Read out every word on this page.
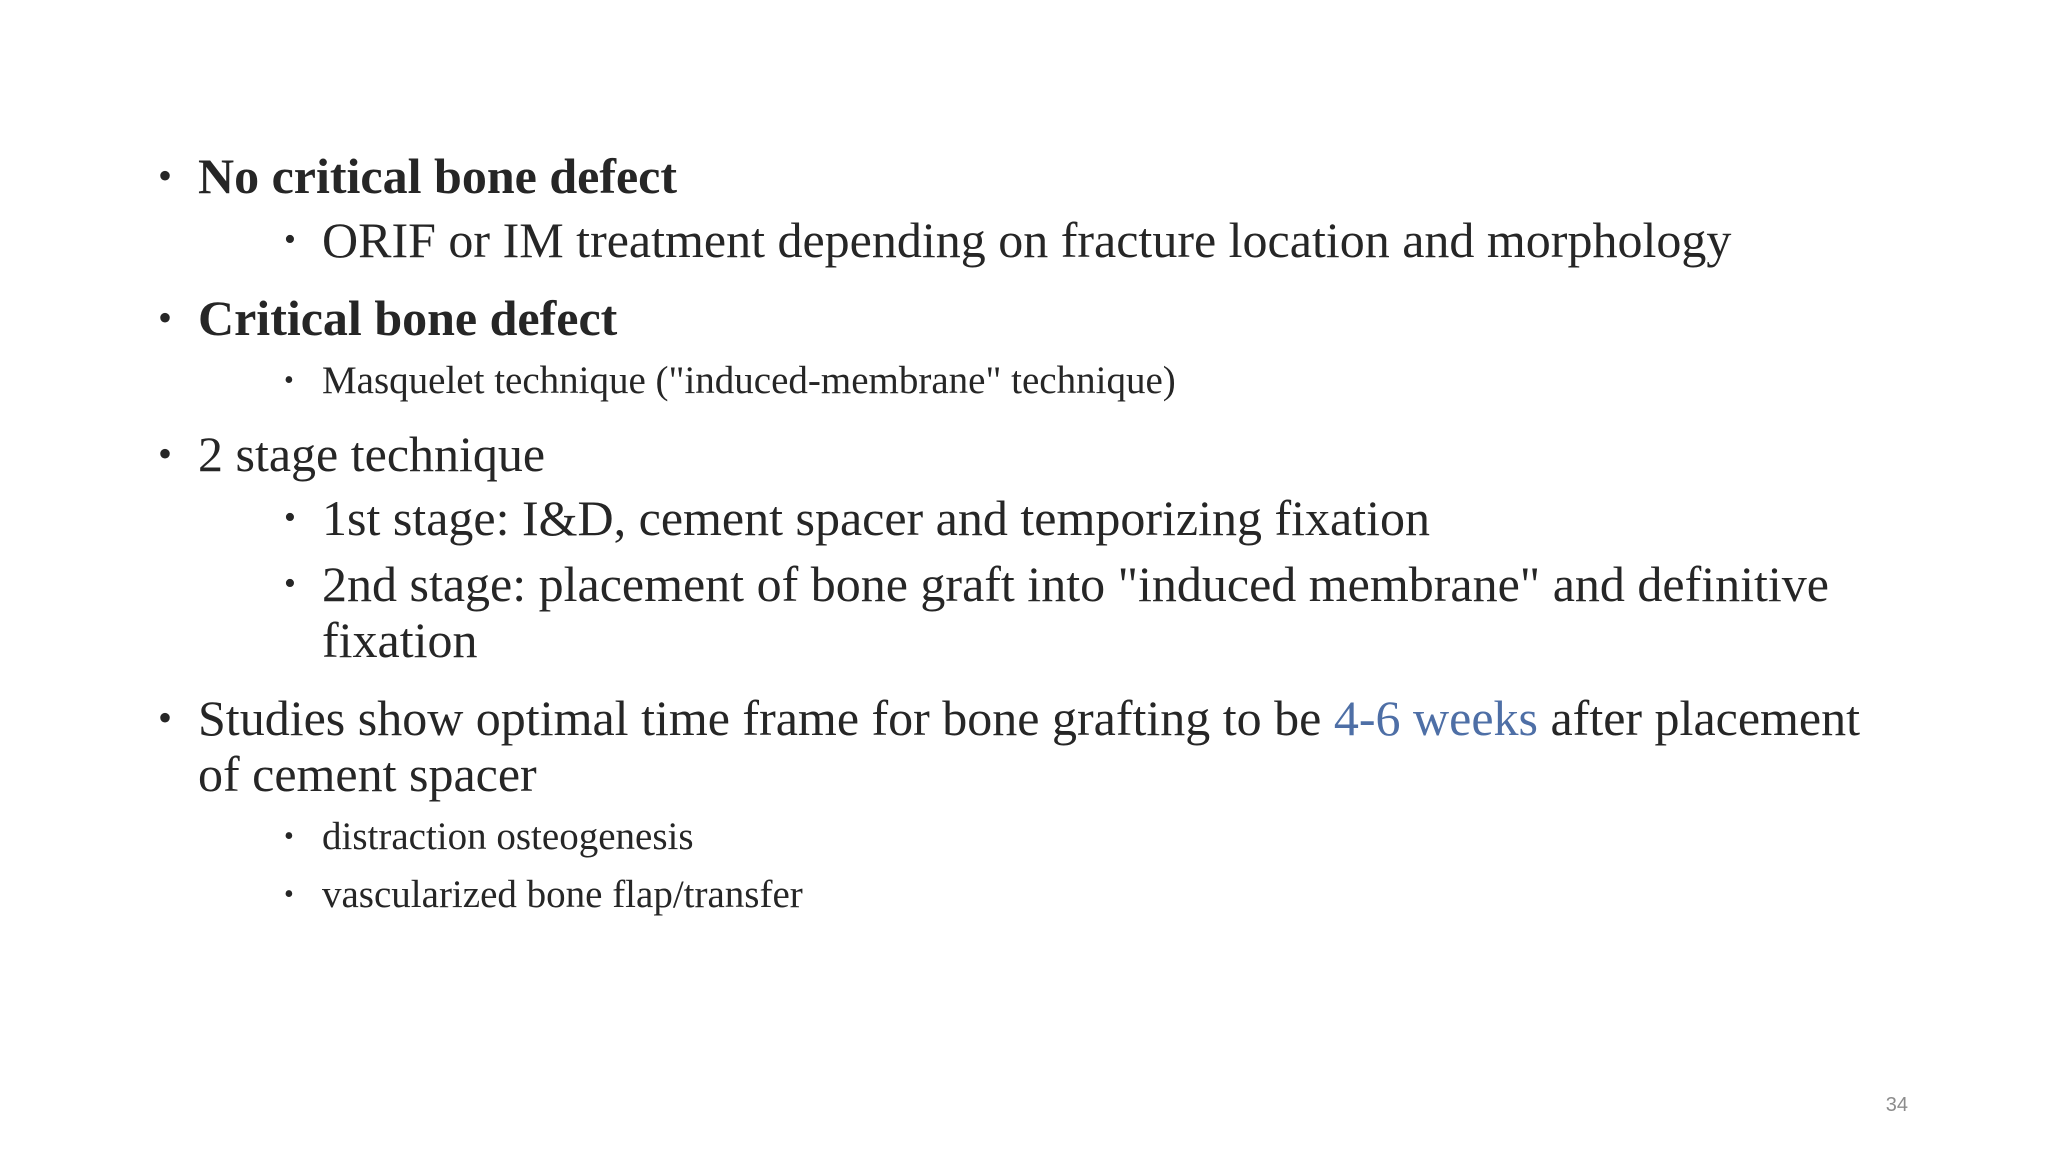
• No critical bone defect
• ORIF or IM treatment depending on fracture location and morphology
• Critical bone defect
• Masquelet technique ("induced-membrane" technique)
• 2 stage technique
• 1st stage: I&D, cement spacer and temporizing fixation
• 2nd stage: placement of bone graft into "induced membrane" and definitive fixation
• Studies show optimal time frame for bone grafting to be 4-6 weeks after placement of cement spacer
• distraction osteogenesis
• vascularized bone flap/transfer
34
